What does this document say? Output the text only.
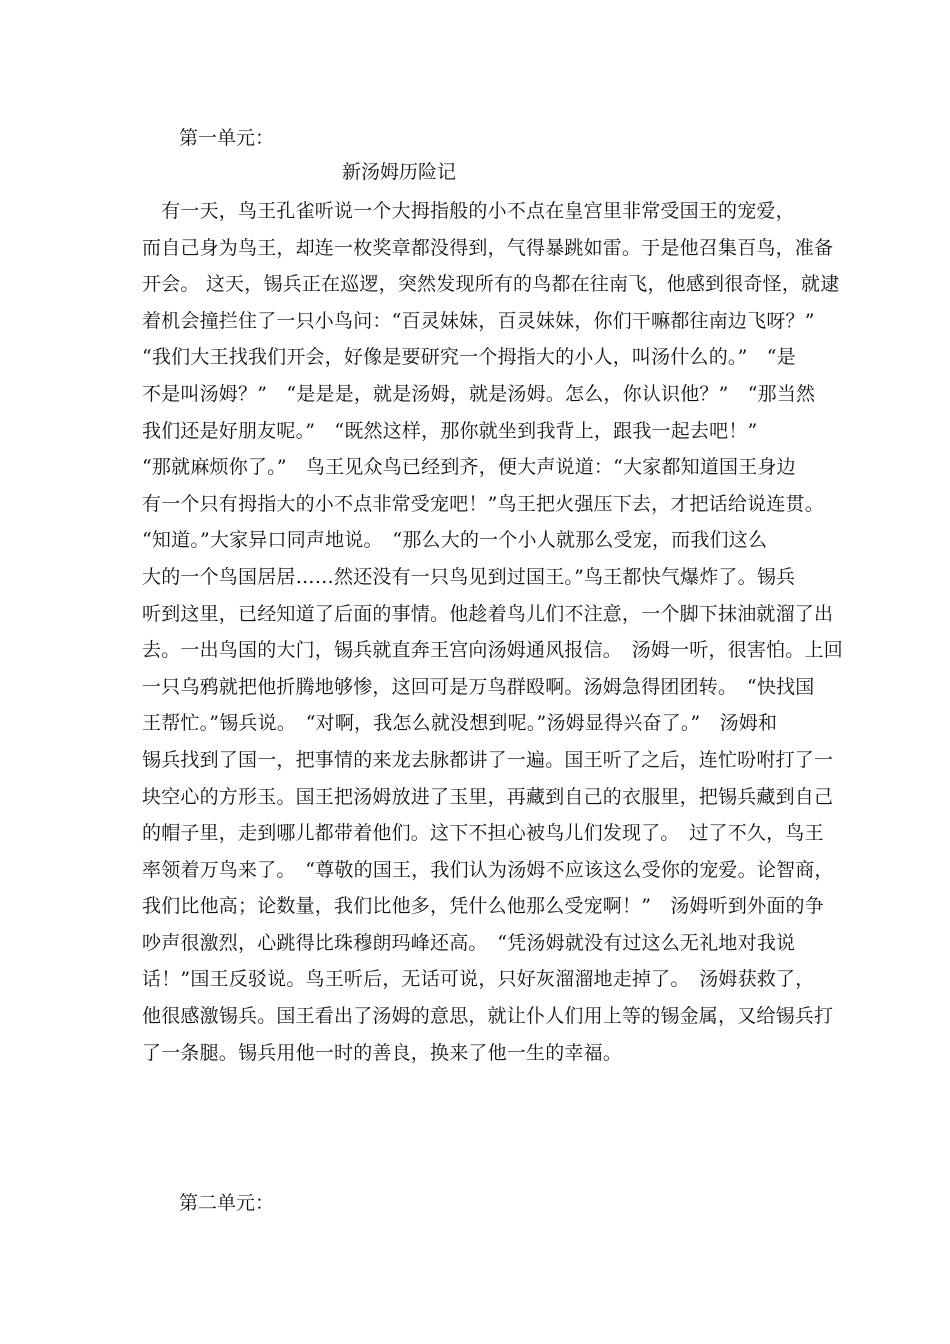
第一单元：
新汤姆历险记
　有一天，鸟王孔雀听说一个大拇指般的小不点在皇宫里非常受国王的宠爱，
而自己身为鸟王，却连一枚奖章都没得到，气得暴跳如雷。于是他召集百鸟，准备
开会。 这天，锡兵正在巡逻，突然发现所有的鸟都在往南飞，他感到很奇怪，就逮
着机会撞拦住了一只小鸟问：“百灵妹妹，百灵妹妹，你们干嘛都往南边飞呀？”
“我们大王找我们开会，好像是要研究一个拇指大的小人，叫汤什么的。”　“是
不是叫汤姆？”　“是是是，就是汤姆，就是汤姆。怎么，你认识他？”　“那当然
我们还是好朋友呢。”　“既然这样，那你就坐到我背上，跟我一起去吧！”
“那就麻烦你了。”　鸟王见众鸟已经到齐，便大声说道：“大家都知道国王身边
有一个只有拇指大的小不点非常受宠吧！”鸟王把火强压下去，才把话给说连贯。
“知道。”大家异口同声地说。　“那么大的一个小人就那么受宠，而我们这么
大的一个鸟国居居……然还没有一只鸟见到过国王。”鸟王都快气爆炸了。锡兵
听到这里，已经知道了后面的事情。他趁着鸟儿们不注意，一个脚下抹油就溜了出
去。一出鸟国的大门，锡兵就直奔王宫向汤姆通风报信。　汤姆一听，很害怕。上回
一只乌鸦就把他折腾地够惨，这回可是万鸟群殴啊。汤姆急得团团转。　“快找国
王帮忙。”锡兵说。　“对啊，我怎么就没想到呢。”汤姆显得兴奋了。”　汤姆和
锡兵找到了国一，把事情的来龙去脉都讲了一遍。国王听了之后，连忙吩咐打了一
块空心的方形玉。国王把汤姆放进了玉里，再藏到自己的衣服里，把锡兵藏到自己
的帽子里，走到哪儿都带着他们。这下不担心被鸟儿们发现了。　过了不久，鸟王
率领着万鸟来了。　“尊敬的国王，我们认为汤姆不应该这么受你的宠爱。论智商，
我们比他高；论数量，我们比他多，凭什么他那么受宠啊！”　汤姆听到外面的争
吵声很激烈，心跳得比珠穆朗玛峰还高。　“凭汤姆就没有过这么无礼地对我说
话！”国王反驳说。鸟王听后，无话可说，只好灰溜溜地走掉了。　汤姆获救了，
他很感激锡兵。国王看出了汤姆的意思，就让仆人们用上等的锡金属，又给锡兵打
了一条腿。锡兵用他一时的善良，换来了他一生的幸福。
第二单元：
